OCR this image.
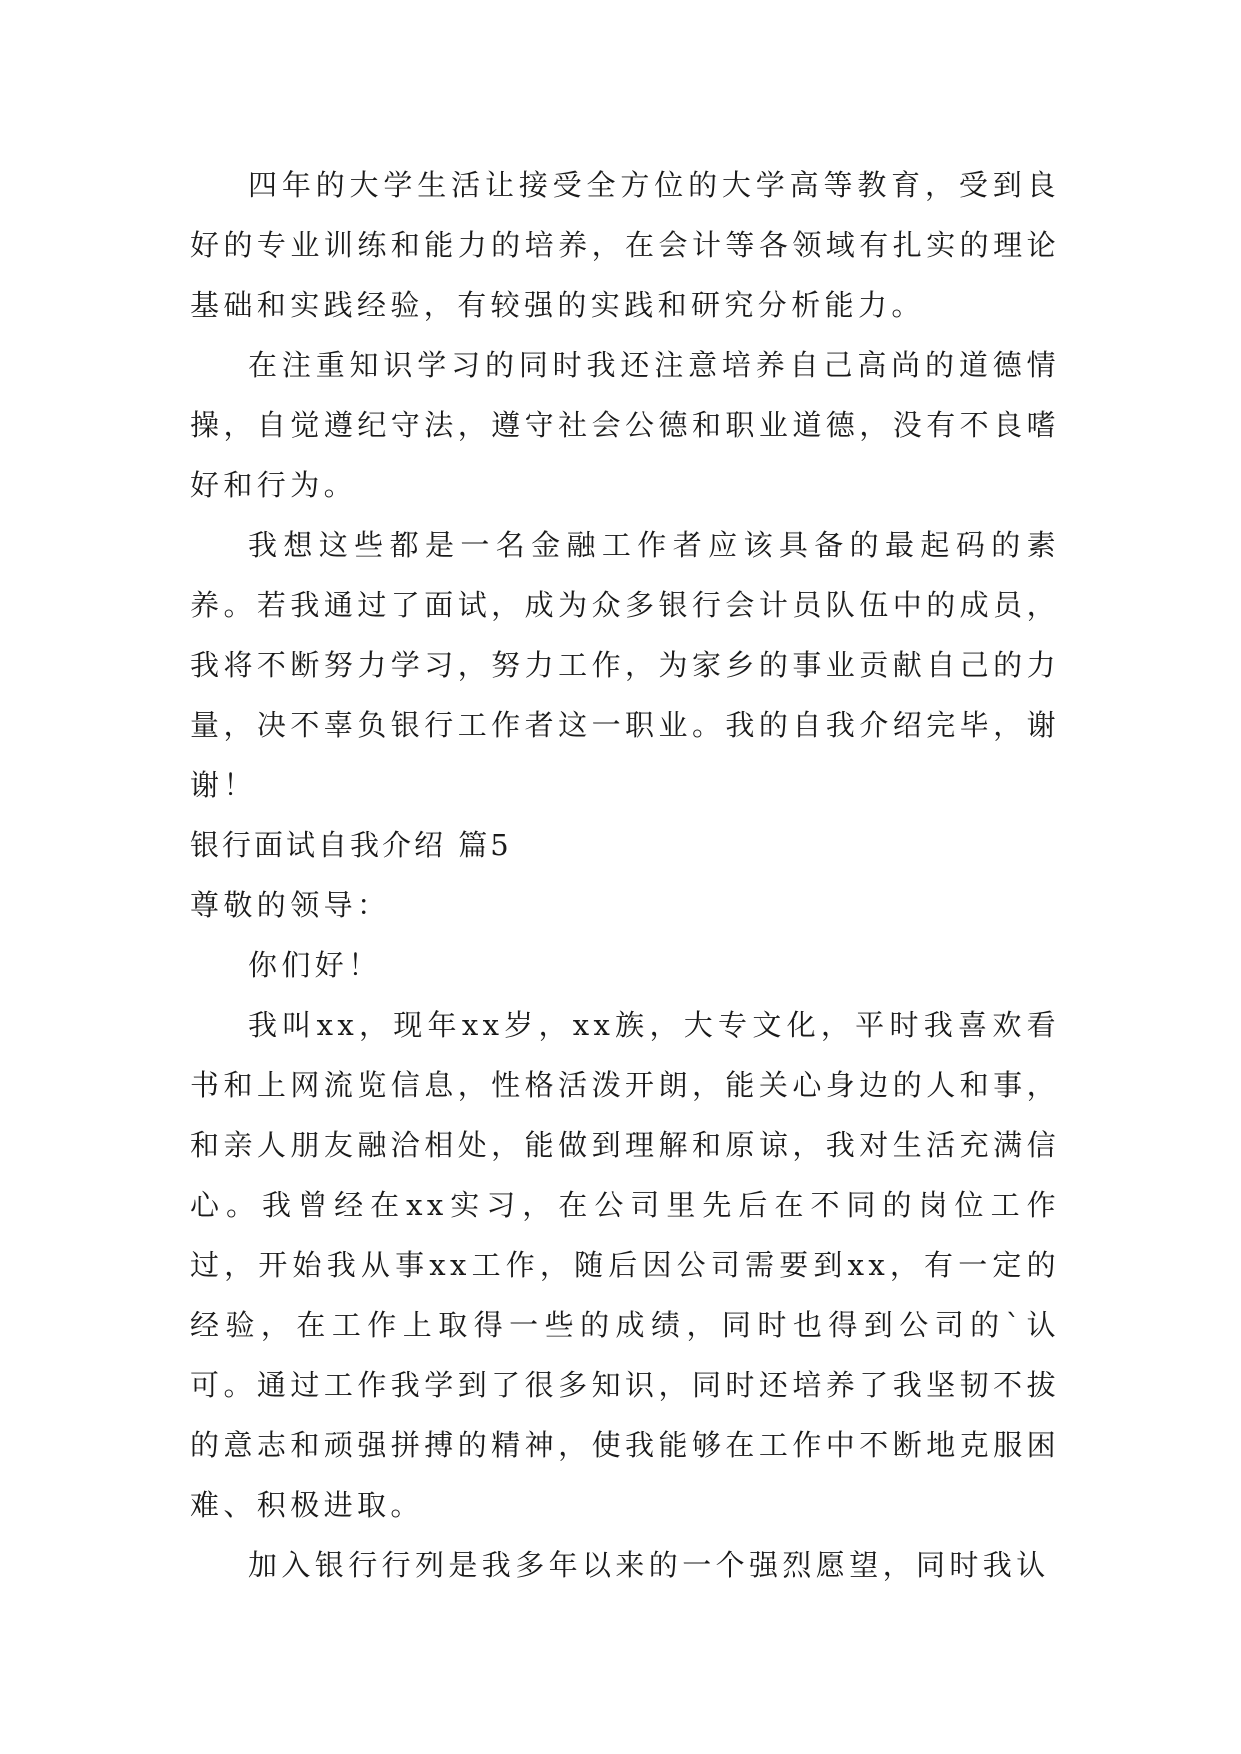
四年的大学生活让接受全方位的大学高等教育，受到良好的专业训练和能力的培养，在会计等各领域有扎实的理论基础和实践经验，有较强的实践和研究分析能力。

在注重知识学习的同时我还注意培养自己高尚的道德情操，自觉遵纪守法，遵守社会公德和职业道德，没有不良嗜好和行为。

我想这些都是一名金融工作者应该具备的最起码的素养。若我通过了面试，成为众多银行会计员队伍中的成员，我将不断努力学习，努力工作，为家乡的事业贡献自己的力量，决不辜负银行工作者这一职业。我的自我介绍完毕，谢谢！

银行面试自我介绍 篇5

尊敬的领导：

你们好！

我叫xx，现年xx岁，xx族，大专文化，平时我喜欢看书和上网流览信息，性格活泼开朗，能关心身边的人和事，和亲人朋友融洽相处，能做到理解和原谅，我对生活充满信心。我曾经在xx实习，在公司里先后在不同的岗位工作过，开始我从事xx工作，随后因公司需要到xx，有一定的经验，在工作上取得一些的成绩，同时也得到公司的`认可。通过工作我学到了很多知识，同时还培养了我坚韧不拔的意志和顽强拼搏的精神，使我能够在工作中不断地克服困难、积极进取。

加入银行行列是我多年以来的一个强烈愿望，同时我认
